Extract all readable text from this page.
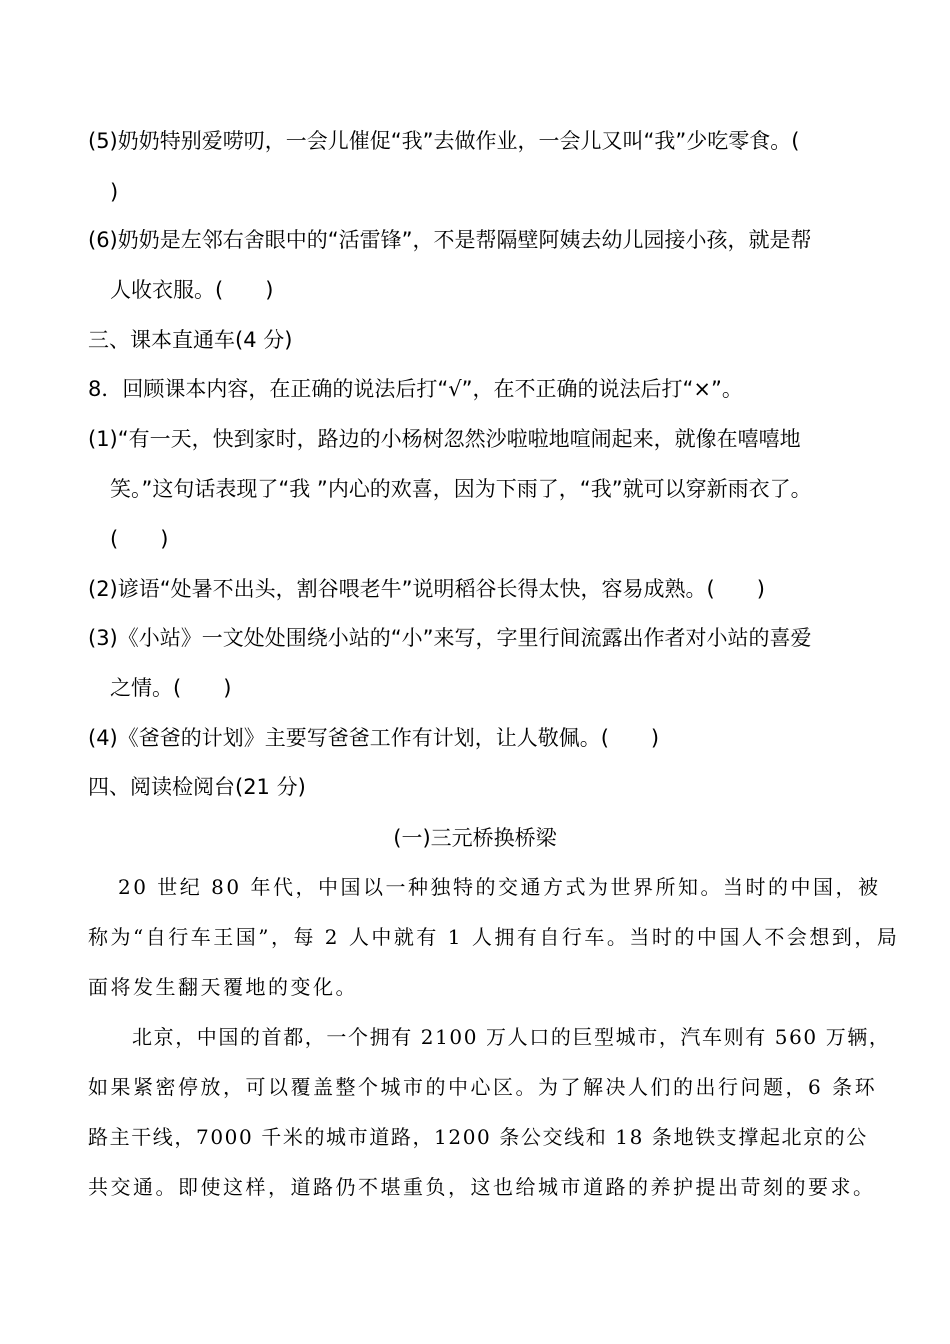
(5)奶奶特别爱唠叨，一会儿催促“我”去做作业，一会儿又叫“我”少吃零食。(
)
(6)奶奶是左邻右舍眼中的“活雷锋”，不是帮隔壁阿姨去幼儿园接小孩，就是帮
人收衣服。(　　)
三、课本直通车(4 分)
8．回顾课本内容，在正确的说法后打“√”，在不正确的说法后打“×”。
(1)“有一天，快到家时，路边的小杨树忽然沙啦啦地喧闹起来，就像在嘻嘻地
笑。”这句话表现了“我 ”内心的欢喜，因为下雨了，“我”就可以穿新雨衣了。
(　　)
(2)谚语“处暑不出头，割谷喂老牛”说明稻谷长得太快，容易成熟。(　　)
(3)《小站》一文处处围绕小站的“小”来写，字里行间流露出作者对小站的喜爱
之情。(　　)
(4)《爸爸的计划》主要写爸爸工作有计划，让人敬佩。(　　)
四、阅读检阅台(21 分)
(一)三元桥换桥梁
20 世纪 80 年代，中国以一种独特的交通方式为世界所知。当时的中国，被
称为“自行车王国”，每 2 人中就有 1 人拥有自行车。当时的中国人不会想到，局
面将发生翻天覆地的变化。
北京，中国的首都，一个拥有 2100 万人口的巨型城市，汽车则有 560 万辆，
如果紧密停放，可以覆盖整个城市的中心区。为了解决人们的出行问题，6 条环
路主干线，7000 千米的城市道路，1200 条公交线和 18 条地铁支撑起北京的公
共交通。即使这样，道路仍不堪重负，这也给城市道路的养护提出苛刻的要求。
